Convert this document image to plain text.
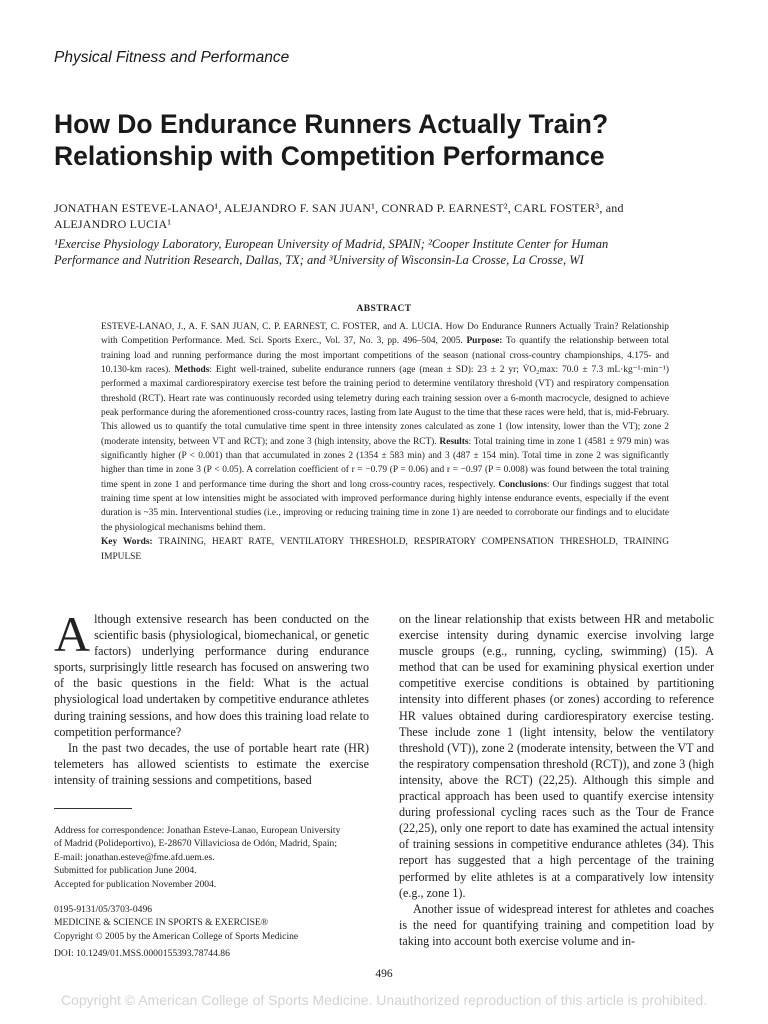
Physical Fitness and Performance
How Do Endurance Runners Actually Train?
Relationship with Competition Performance
JONATHAN ESTEVE-LANAO¹, ALEJANDRO F. SAN JUAN¹, CONRAD P. EARNEST², CARL FOSTER³, and
ALEJANDRO LUCIA¹
¹Exercise Physiology Laboratory, European University of Madrid, SPAIN; ²Cooper Institute Center for Human
Performance and Nutrition Research, Dallas, TX; and ³University of Wisconsin-La Crosse, La Crosse, WI
ABSTRACT

ESTEVE-LANAO, J., A. F. SAN JUAN, C. P. EARNEST, C. FOSTER, and A. LUCIA. How Do Endurance Runners Actually Train? Relationship with Competition Performance. Med. Sci. Sports Exerc., Vol. 37, No. 3, pp. 496–504, 2005. Purpose: To quantify the relationship between total training load and running performance during the most important competitions of the season (national cross-country championships, 4.175- and 10.130-km races). Methods: Eight well-trained, subelite endurance runners (age (mean ± SD): 23 ± 2 yr; V̇O₂max: 70.0 ± 7.3 mL·kg⁻¹·min⁻¹) performed a maximal cardiorespiratory exercise test before the training period to determine ventilatory threshold (VT) and respiratory compensation threshold (RCT). Heart rate was continuously recorded using telemetry during each training session over a 6-month macrocycle, designed to achieve peak performance during the aforementioned cross-country races, lasting from late August to the time that these races were held, that is, mid-February. This allowed us to quantify the total cumulative time spent in three intensity zones calculated as zone 1 (low intensity, lower than the VT); zone 2 (moderate intensity, between VT and RCT); and zone 3 (high intensity, above the RCT). Results: Total training time in zone 1 (4581 ± 979 min) was significantly higher (P < 0.001) than that accumulated in zones 2 (1354 ± 583 min) and 3 (487 ± 154 min). Total time in zone 2 was significantly higher than time in zone 3 (P < 0.05). A correlation coefficient of r = −0.79 (P = 0.06) and r = −0.97 (P = 0.008) was found between the total training time spent in zone 1 and performance time during the short and long cross-country races, respectively. Conclusions: Our findings suggest that total training time spent at low intensities might be associated with improved performance during highly intense endurance events, especially if the event duration is ~35 min. Interventional studies (i.e., improving or reducing training time in zone 1) are needed to corroborate our findings and to elucidate the physiological mechanisms behind them.
Key Words: TRAINING, HEART RATE, VENTILATORY THRESHOLD, RESPIRATORY COMPENSATION THRESHOLD, TRAINING IMPULSE

Although extensive research has been conducted on the scientific basis (physiological, biomechanical, or genetic factors) underlying performance during endurance sports, surprisingly little research has focused on answering two of the basic questions in the field: What is the actual physiological load undertaken by competitive endurance athletes during training sessions, and how does this training load relate to competition performance?

In the past two decades, the use of portable heart rate (HR) telemeters has allowed scientists to estimate the exercise intensity of training sessions and competitions, based

on the linear relationship that exists between HR and metabolic exercise intensity during dynamic exercise involving large muscle groups (e.g., running, cycling, swimming) (15). A method that can be used for examining physical exertion under competitive exercise conditions is obtained by partitioning intensity into different phases (or zones) according to reference HR values obtained during cardiorespiratory exercise testing. These include zone 1 (light intensity, below the ventilatory threshold (VT)), zone 2 (moderate intensity, between the VT and the respiratory compensation threshold (RCT)), and zone 3 (high intensity, above the RCT) (22,25). Although this simple and practical approach has been used to quantify exercise intensity during professional cycling races such as the Tour de France (22,25), only one report to date has examined the actual intensity of training sessions in competitive endurance athletes (34). This report has suggested that a high percentage of the training performed by elite athletes is at a comparatively low intensity (e.g., zone 1).

Another issue of widespread interest for athletes and coaches is the need for quantifying training and competition load by taking into account both exercise volume and in-

Address for correspondence: Jonathan Esteve-Lanao, European University
of Madrid (Polideportivo), E-28670 Villaviciosa de Odón, Madrid, Spain;
E-mail: jonathan.esteve@fme.afd.uem.es.
Submitted for publication June 2004.
Accepted for publication November 2004.
0195-9131/05/3703-0496
MEDICINE & SCIENCE IN SPORTS & EXERCISE®
Copyright © 2005 by the American College of Sports Medicine
DOI: 10.1249/01.MSS.0000155393.78744.86
496
Copyright © American College of Sports Medicine. Unauthorized reproduction of this article is prohibited.
